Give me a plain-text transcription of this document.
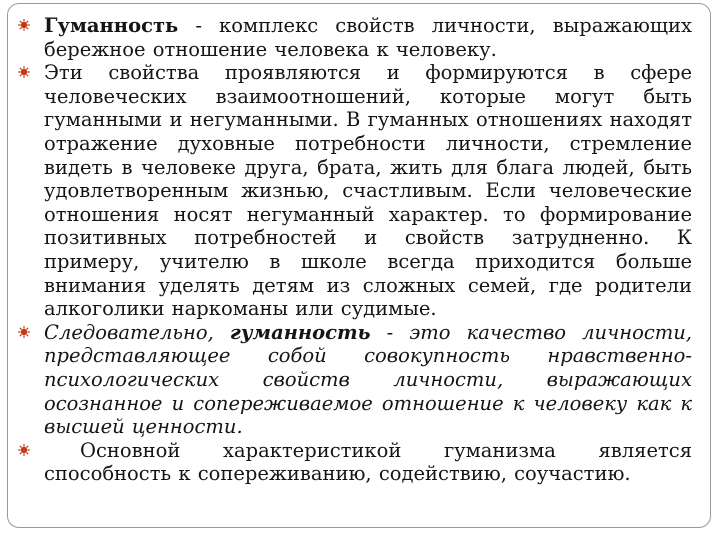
Гуманность - комплекс свойств личности, выражающих бережное отношение человека к человеку.

Эти свойства проявляются и формируются в сфере человеческих взаимоотношений, которые могут быть гуманными и негуманными. В гуманных отношениях находят отражение духовные потребности личности, стремление видеть в человеке друга, брата, жить для блага людей, быть удовлетворенным жизнью, счастливым. Если человеческие отношения носят негуманный характер. то формирование позитивных потребностей и свойств затрудненно. К примеру, учителю в школе всегда приходится больше внимания уделять детям из сложных семей, где родители алкоголики наркоманы или судимые.

Следовательно, гуманность - это качество личности, представляющее собой совокупность нравственно-психологических свойств личности, выражающих осознанное и сопереживаемое отношение к человеку как к высшей ценности.

Основной характеристикой гуманизма является способность к сопереживанию, содействию, соучастию.
